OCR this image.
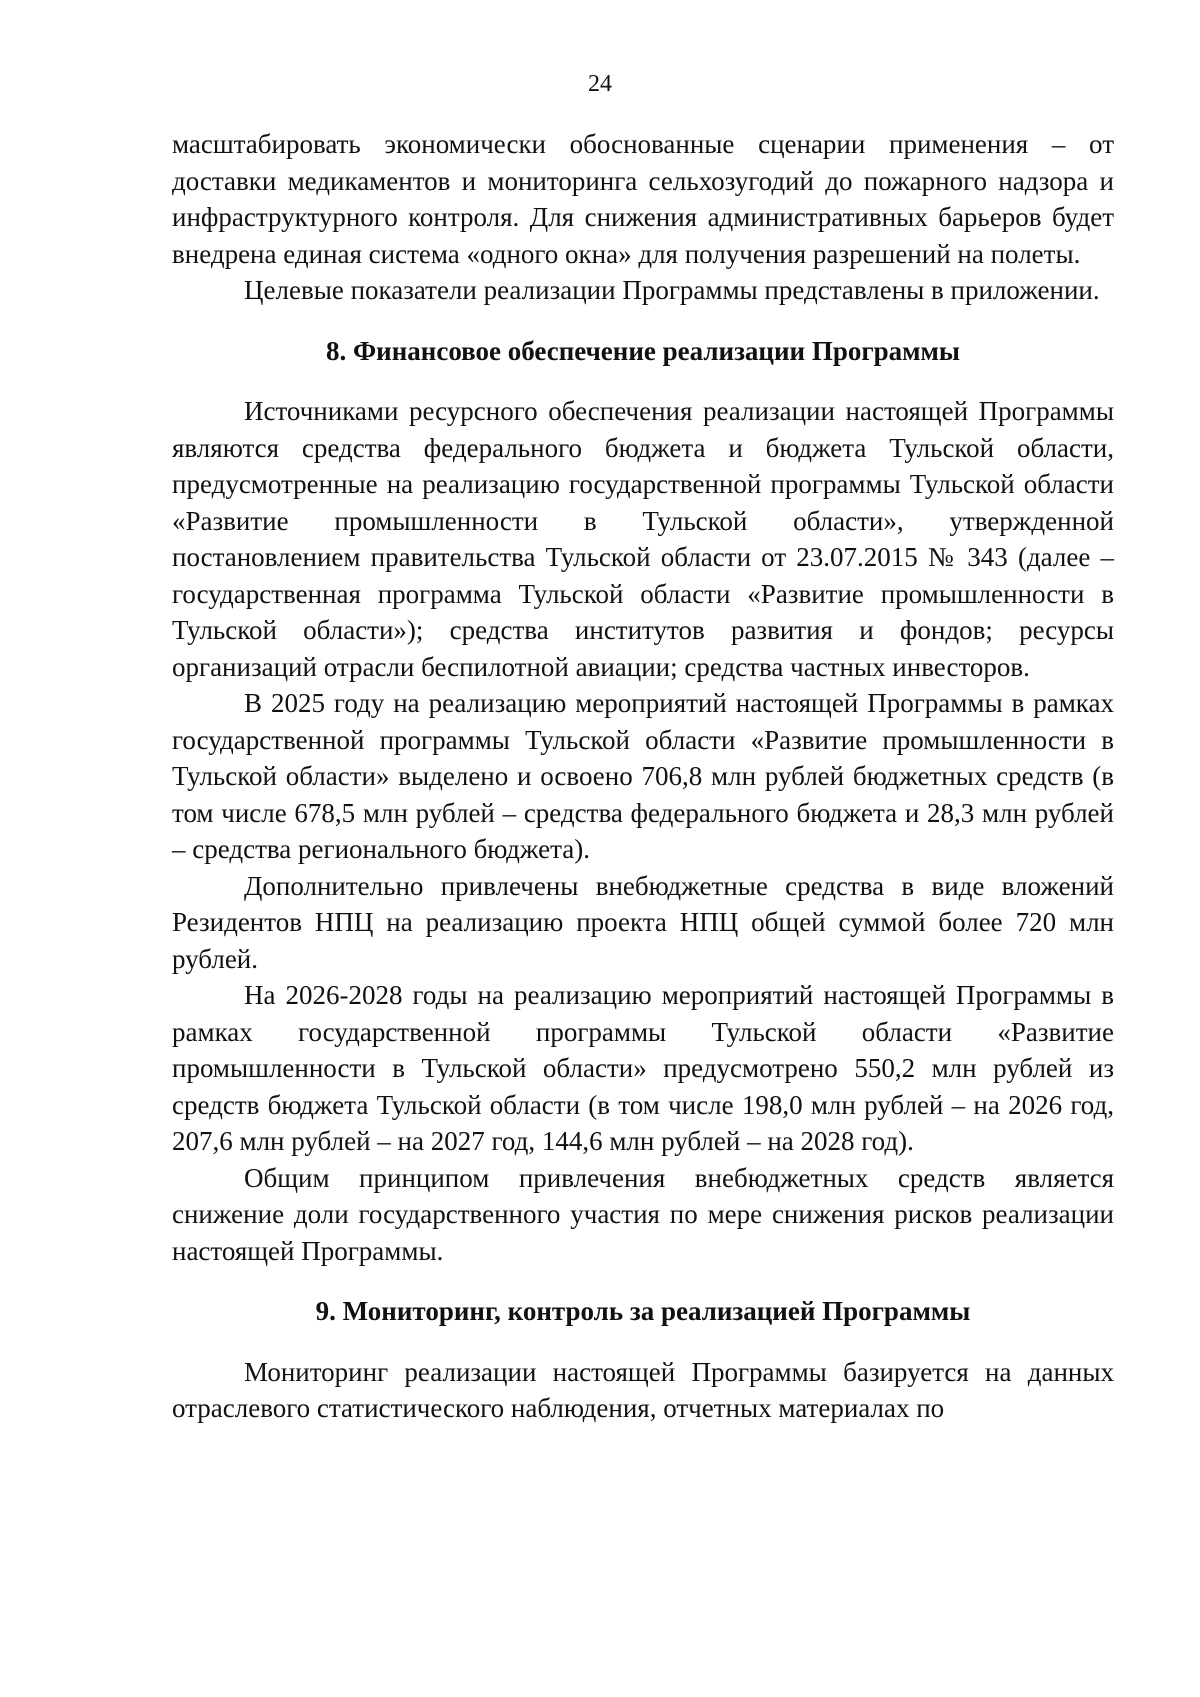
24

масштабировать экономически обоснованные сценарии применения – от доставки медикаментов и мониторинга сельхозугодий до пожарного надзора и инфраструктурного контроля. Для снижения административных барьеров будет внедрена единая система «одного окна» для получения разрешений на полеты.

Целевые показатели реализации Программы представлены в приложении.

8. Финансовое обеспечение реализации Программы

Источниками ресурсного обеспечения реализации настоящей Программы являются средства федерального бюджета и бюджета Тульской области, предусмотренные на реализацию государственной программы Тульской области «Развитие промышленности в Тульской области», утвержденной постановлением правительства Тульской области от 23.07.2015 № 343 (далее – государственная программа Тульской области «Развитие промышленности в Тульской области»); средства институтов развития и фондов; ресурсы организаций отрасли беспилотной авиации; средства частных инвесторов.

В 2025 году на реализацию мероприятий настоящей Программы в рамках государственной программы Тульской области «Развитие промышленности в Тульской области» выделено и освоено 706,8 млн рублей бюджетных средств (в том числе 678,5 млн рублей – средства федерального бюджета и 28,3 млн рублей – средства регионального бюджета).

Дополнительно привлечены внебюджетные средства в виде вложений Резидентов НПЦ на реализацию проекта НПЦ общей суммой более 720 млн рублей.

На 2026-2028 годы на реализацию мероприятий настоящей Программы в рамках государственной программы Тульской области «Развитие промышленности в Тульской области» предусмотрено 550,2 млн рублей из средств бюджета Тульской области (в том числе 198,0 млн рублей – на 2026 год, 207,6 млн рублей – на 2027 год, 144,6 млн рублей – на 2028 год).

Общим принципом привлечения внебюджетных средств является снижение доли государственного участия по мере снижения рисков реализации настоящей Программы.

9. Мониторинг, контроль за реализацией Программы

Мониторинг реализации настоящей Программы базируется на данных отраслевого статистического наблюдения, отчетных материалах по
